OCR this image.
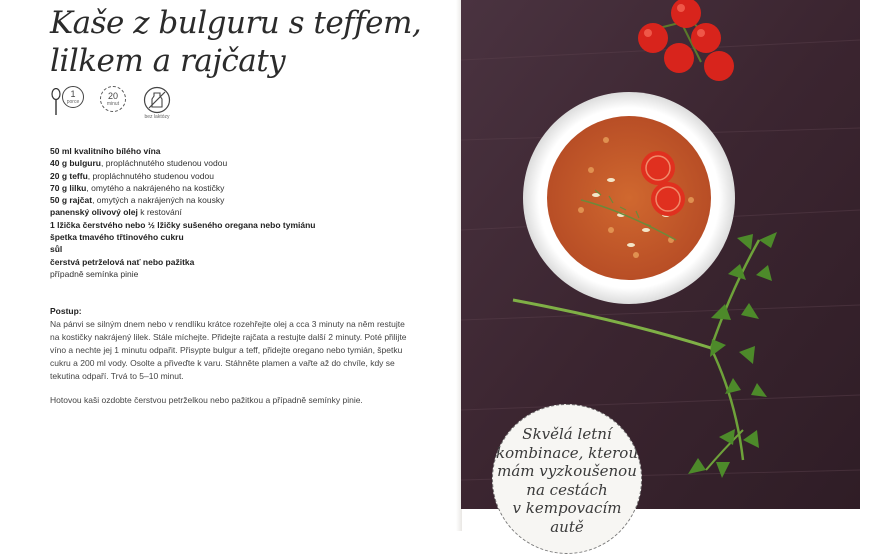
Kaše z bulguru s teffem,
lilkem a rajčaty
1
porce
20
minut
bez laktózy
50 ml kvalitního bílého vína
40 g bulguru, propláchnutého studenou vodou
20 g teffu, propláchnutého studenou vodou
70 g lilku, omytého a nakrájeného na kostičky
50 g rajčat, omytých a nakrájených na kousky
panenský olivový olej k restování
1 lžička čerstvého nebo ½ lžičky sušeného oregana nebo tymiánu
špetka tmavého třtinového cukru
sůl
čerstvá petrželová nať nebo pažitka
případně semínka pinie

Postup:

Na pánvi se silným dnem nebo v rendlíku krátce rozehřejte olej a cca 3 minuty na něm restujte na kostičky nakrájený lilek. Stále míchejte. Přidejte rajčata a restujte další 2 minuty. Poté přilijte víno a nechte jej 1 minutu odpařit. Přisypte bulgur a teff, přidejte oregano nebo tymián, špetku cukru a 200 ml vody. Osolte a přiveďte k varu. Stáhněte plamen a vařte až do chvíle, kdy se tekutina odpaří. Trvá to 5–10 minut.

Hotovou kaši ozdobte čerstvou petrželkou nebo pažitkou a případně semínky pinie.

Skvělá letní
kombinace, kterou
mám vyzkoušenou
na cestách
v kempovacím
autě
